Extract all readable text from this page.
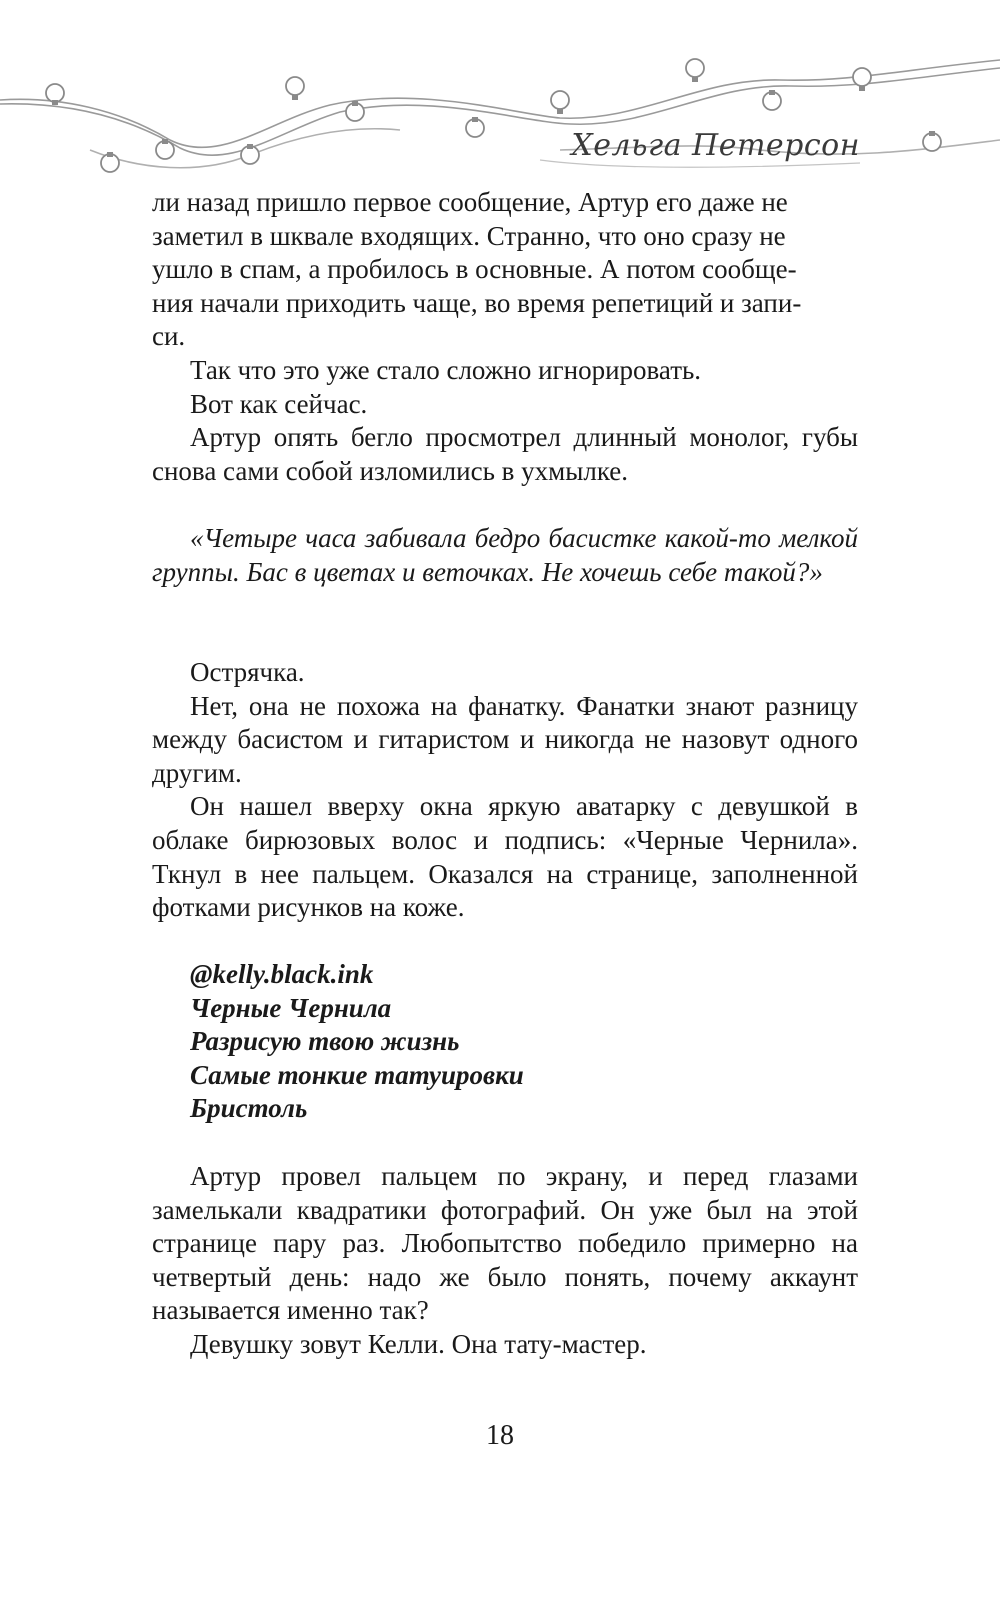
Хельга Петерсон

ли назад пришло первое сообщение, Артур его даже не

заметил в шквале входящих. Странно, что оно сразу не

ушло в спам, а пробилось в основные. А потом сообще-

ния начали приходить чаще, во время репетиций и запи-

си.

Так что это уже стало сложно игнорировать.

Вот как сейчас.

Артур опять бегло просмотрел длинный монолог, губы снова сами собой изломились в ухмылке.

«Четыре часа забивала бедро басистке какой-то мелкой группы. Бас в цветах и веточках. Не хочешь себе такой?»

Острячка.

Нет, она не похожа на фанатку. Фанатки знают разницу между басистом и гитаристом и никогда не назовут одного другим.

Он нашел вверху окна яркую аватарку с девушкой в облаке бирюзовых волос и подпись: «Черные Чернила». Ткнул в нее пальцем. Оказался на странице, заполненной фотками рисунков на коже.

@kelly.black.ink
Черные Чернила
Разрисую твою жизнь
Самые тонкие татуировки
Бристоль

Артур провел пальцем по экрану, и перед глазами замелькали квадратики фотографий. Он уже был на этой странице пару раз. Любопытство победило примерно на четвертый день: надо же было понять, почему аккаунт называется именно так?

Девушку зовут Келли. Она тату-мастер.

18
